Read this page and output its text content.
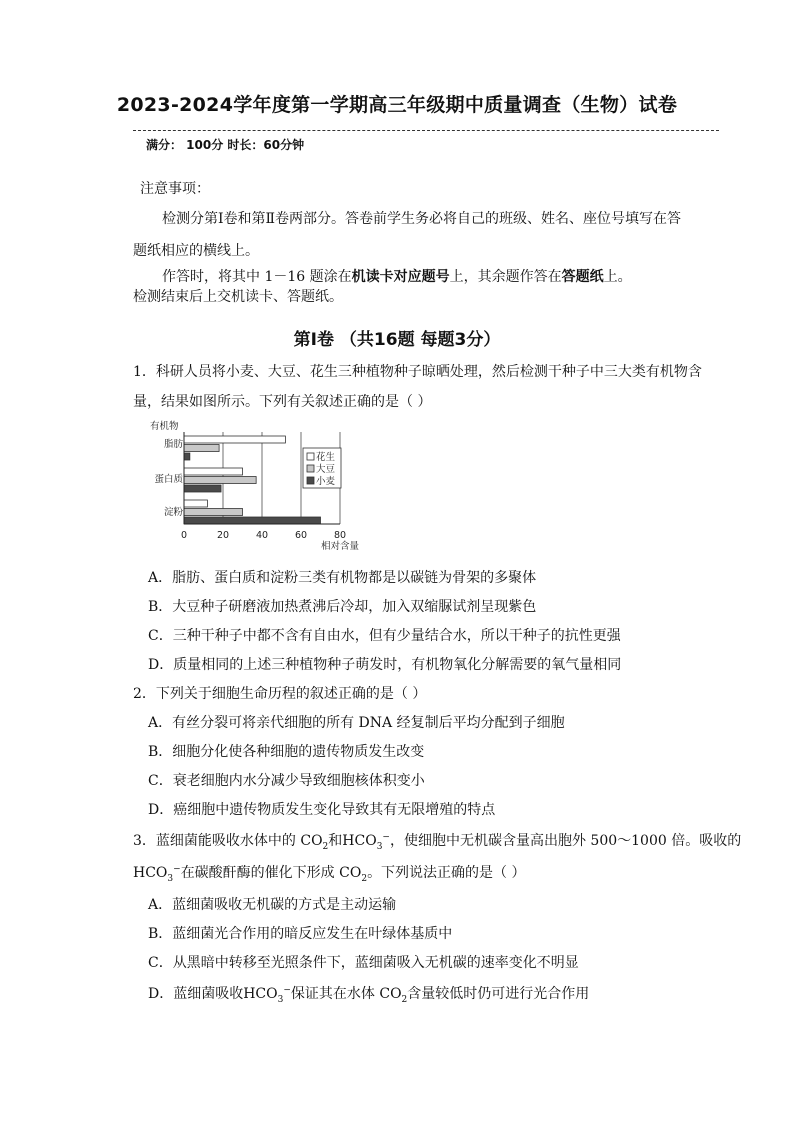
2023-2024学年度第一学期高三年级期中质量调查（生物）试卷
满分： 100分 时长：60分钟
注意事项：
检测分第Ⅰ卷和第Ⅱ卷两部分。答卷前学生务必将自己的班级、姓名、座位号填写在答
题纸相应的横线上。
作答时，将其中 1－16 题涂在机读卡对应题号上，其余题作答在答题纸上。
检测结束后上交机读卡、答题纸。
第Ⅰ卷 （共16题 每题3分）
1．科研人员将小麦、大豆、花生三种植物种子晾晒处理，然后检测干种子中三大类有机物含
量，结果如图所示。下列有关叙述正确的是（ ）
有机物
脂肪
蛋白质
淀粉
0	20	40	60	80
相对含量
花生
大豆
小麦
A．脂肪、蛋白质和淀粉三类有机物都是以碳链为骨架的多聚体
B．大豆种子研磨液加热煮沸后冷却，加入双缩脲试剂呈现紫色
C．三种干种子中都不含有自由水，但有少量结合水，所以干种子的抗性更强
D．质量相同的上述三种植物种子萌发时，有机物氧化分解需要的氧气量相同
2．下列关于细胞生命历程的叙述正确的是（ ）
A．有丝分裂可将亲代细胞的所有 DNA 经复制后平均分配到子细胞
B．细胞分化使各种细胞的遗传物质发生改变
C．衰老细胞内水分减少导致细胞核体积变小
D．癌细胞中遗传物质发生变化导致其有无限增殖的特点
3．蓝细菌能吸收水体中的 $CO_2$和$HCO_3^-$，使细胞中无机碳含量高出胞外 500～1000 倍。吸收的
$HCO_3^-$在碳酸酐酶的催化下形成 $CO_2$。下列说法正确的是（ ）
A．蓝细菌吸收无机碳的方式是主动运输
B．蓝细菌光合作用的暗反应发生在叶绿体基质中
C．从黑暗中转移至光照条件下，蓝细菌吸入无机碳的速率变化不明显
D．蓝细菌吸收$HCO_3^-$保证其在水体 $CO_2$含量较低时仍可进行光合作用
